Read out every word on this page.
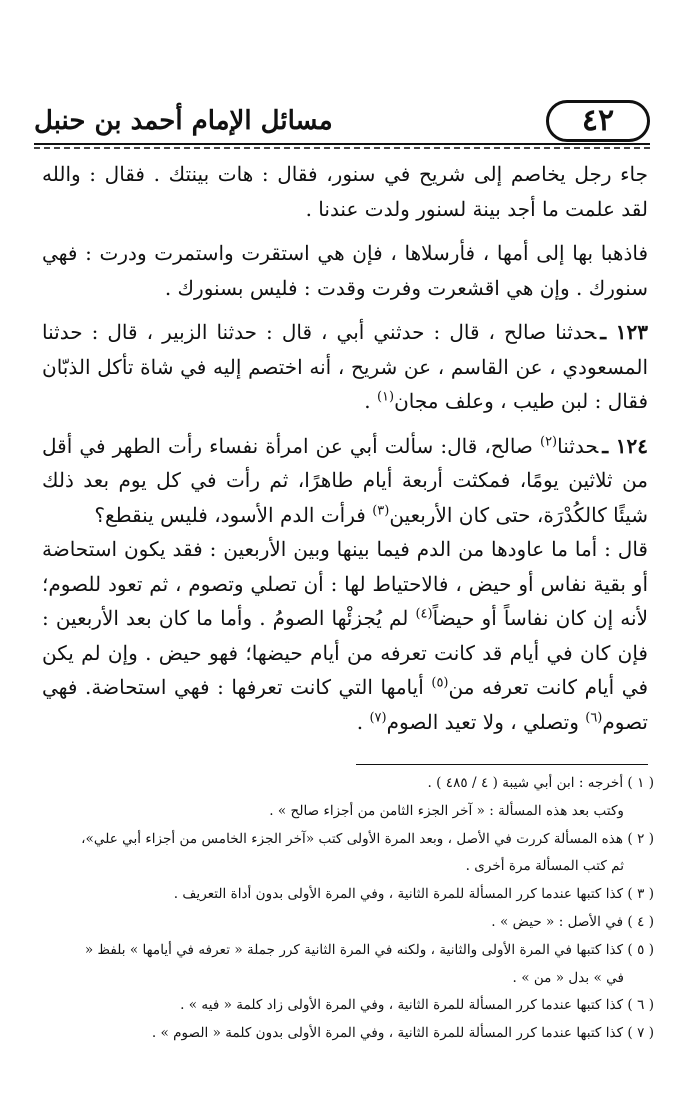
٤٢
مسائل الإمام أحمد بن حنبل

جاء رجل يخاصم إلى شريح في سنور، فقال : هات بينتك . فقال : والله لقد علمت ما أجد بينة لسنور ولدت عندنا .

فاذهبا بها إلى أمها ، فأرسلاها ، فإن هي استقرت واستمرت ودرت : فهي سنورك . وإن هي اقشعرت وفرت وقدت : فليس بسنورك .

١٢٣ ـحدثنا صالح ، قال : حدثني أبي ، قال : حدثنا الزبير ، قال : حدثنا المسعودي ، عن القاسم ، عن شريح ، أنه اختصم إليه في شاة تأكل الذبّان فقال : لبن طيب ، وعلف مجان$^{(١)}$ .

١٢٤ ـحدثنا$^{(٢)}$ صالح، قال: سألت أبي عن امرأة نفساء رأت الطهر في أقل من ثلاثين يومًا، فمكثت أربعة أيام طاهرًا، ثم رأت في كل يوم بعد ذلك شيئًا كالكُدْرَة، حتى كان الأربعين$^{(٣)}$ فرأت الدم الأسود، فليس ينقطع؟

قال : أما ما عاودها من الدم فيما بينها وبين الأربعين : فقد يكون استحاضة أو بقية نفاس أو حيض ، فالاحتياط لها : أن تصلي وتصوم ، ثم تعود للصوم؛ لأنه إن كان نفاساً أو حيضاً$^{(٤)}$ لم يُجزئْها الصومُ . وأما ما كان بعد الأربعين : فإن كان في أيام قد كانت تعرفه من أيام حيضها؛ فهو حيض . وإن لم يكن في أيام كانت تعرفه من$^{(٥)}$ أيامها التي كانت تعرفها : فهي استحاضة. فهي تصوم$^{(٦)}$ وتصلي ، ولا تعيد الصوم$^{(٧)}$ .

( ١ ) أخرجه : ابن أبي شيبة ( ٤ / ٤٨٥ ) .

وكتب بعد هذه المسألة : « آخر الجزء الثامن من أجزاء صالح » .

( ٢ ) هذه المسألة كررت في الأصل ، وبعد المرة الأولى كتب «آخر الجزء الخامس من أجزاء أبي علي»،

ثم كتب المسألة مرة أخرى .

( ٣ ) كذا كتبها عندما كرر المسألة للمرة الثانية ، وفي المرة الأولى بدون أداة التعريف .

( ٤ ) في الأصل : « حيض » .

( ٥ ) كذا كتبها في المرة الأولى والثانية ، ولكنه في المرة الثانية كرر جملة « تعرفه في أيامها » بلفظ «

في » بدل « من » .

( ٦ ) كذا كتبها عندما كرر المسألة للمرة الثانية ، وفي المرة الأولى زاد كلمة « فيه » .

( ٧ ) كذا كتبها عندما كرر المسألة للمرة الثانية ، وفي المرة الأولى بدون كلمة « الصوم » .
